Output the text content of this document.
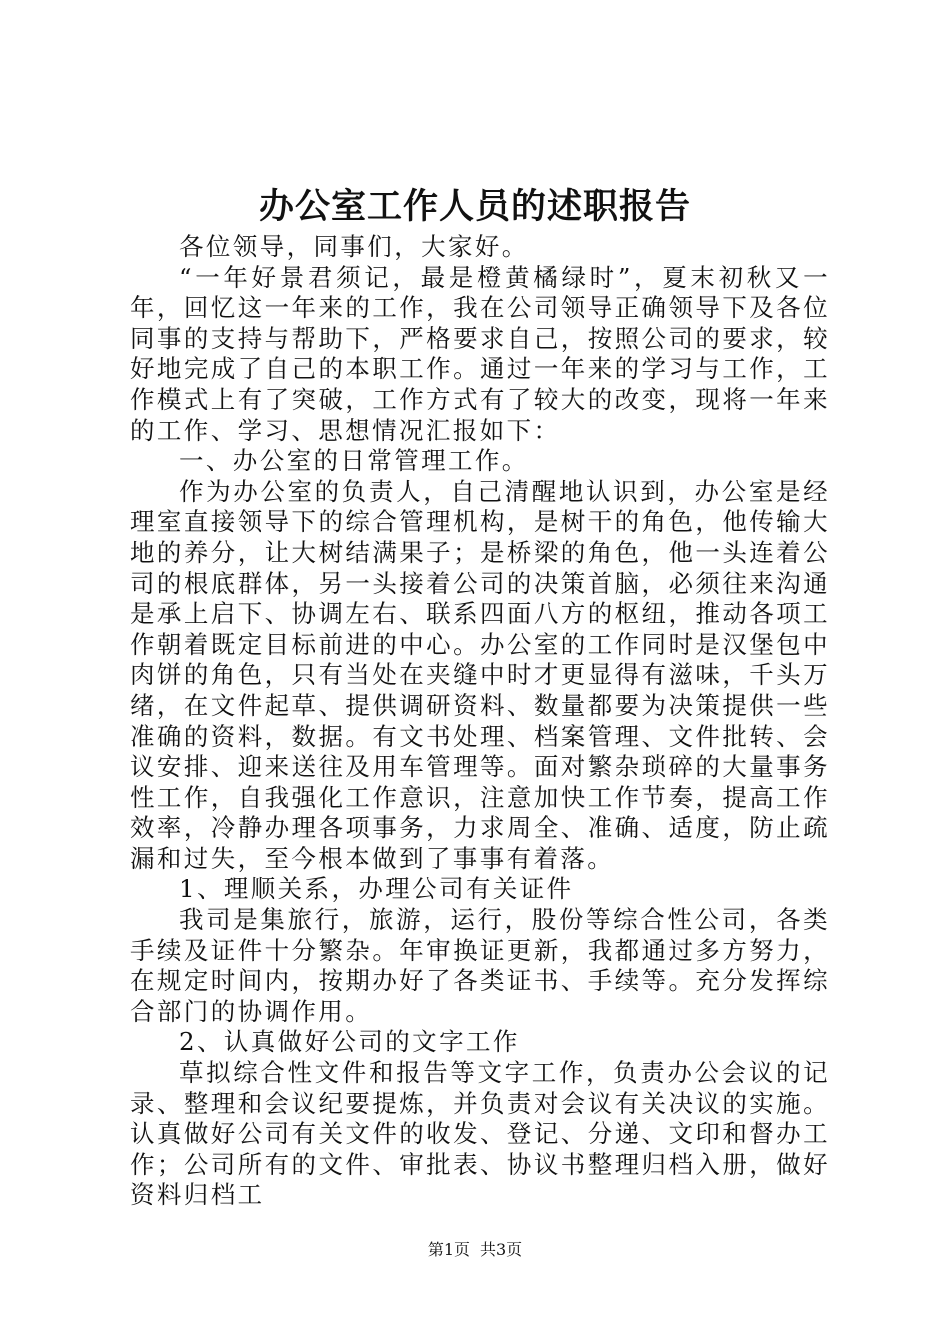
办公室工作人员的述职报告

各位领导，同事们，大家好。

“一年好景君须记，最是橙黄橘绿时”，夏末初秋又一年，回忆这一年来的工作，我在公司领导正确领导下及各位同事的支持与帮助下，严格要求自己，按照公司的要求，较好地完成了自己的本职工作。通过一年来的学习与工作，工作模式上有了突破，工作方式有了较大的改变，现将一年来的工作、学习、思想情况汇报如下：

一、办公室的日常管理工作。

作为办公室的负责人，自己清醒地认识到，办公室是经理室直接领导下的综合管理机构，是树干的角色，他传输大地的养分，让大树结满果子；是桥梁的角色，他一头连着公司的根底群体，另一头接着公司的决策首脑，必须往来沟通是承上启下、协调左右、联系四面八方的枢纽，推动各项工作朝着既定目标前进的中心。办公室的工作同时是汉堡包中肉饼的角色，只有当处在夹缝中时才更显得有滋味，千头万绪，在文件起草、提供调研资料、数量都要为决策提供一些准确的资料，数据。有文书处理、档案管理、文件批转、会议安排、迎来送往及用车管理等。面对繁杂琐碎的大量事务性工作，自我强化工作意识，注意加快工作节奏，提高工作效率，冷静办理各项事务，力求周全、准确、适度，防止疏漏和过失，至今根本做到了事事有着落。

1、理顺关系，办理公司有关证件

我司是集旅行，旅游，运行，股份等综合性公司，各类手续及证件十分繁杂。年审换证更新，我都通过多方努力，在规定时间内，按期办好了各类证书、手续等。充分发挥综合部门的协调作用。

2、认真做好公司的文字工作

草拟综合性文件和报告等文字工作，负责办公会议的记录、整理和会议纪要提炼，并负责对会议有关决议的实施。认真做好公司有关文件的收发、登记、分递、文印和督办工作；公司所有的文件、审批表、协议书整理归档入册，做好资料归档工

第1页 共3页
